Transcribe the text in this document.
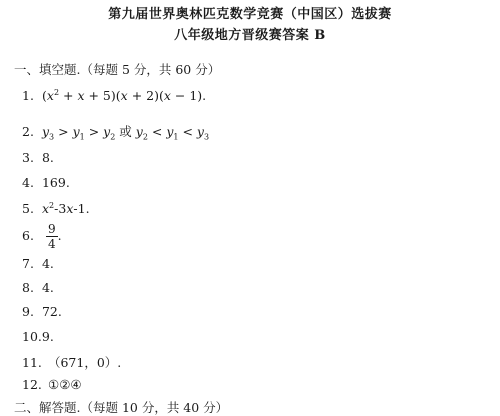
第九届世界奥林匹克数学竞赛（中国区）选拔赛
八年级地方晋级赛答案 B
一、填空题.（每题 5 分，共 60 分）
1. $(x^2 + x + 5)(x + 2)(x - 1)$.
2. $y_3 > y_1 > y_2$ 或 $y_2 < y_1 < y_3$
3. 8.
4. 169.
5. $x^2-3x-1$.
6. $\frac{9}{4}$ .
7. 4.
8. 4.
9. 72.
10.9.
11. （671，0）.
12. ①②④
二、解答题.（每题 10 分，共 40 分）
